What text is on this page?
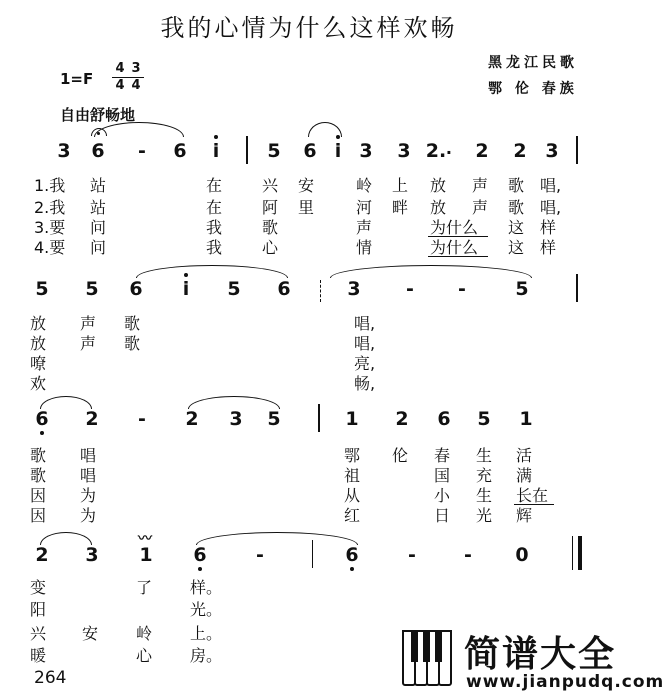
我的心情为什么这样欢畅
黑龙江民歌
鄂 伦 春族
1=F
4
4
3
4
自由舒畅地
3 6	-	6	i	5 6 i 3 3 2. . 2 2 3
1.我 站	在 兴 安	岭 上 放 声 歌 唱,
2.我 站	在 阿 里	河 畔 放 声 歌 唱,
3.要 问	我 歌	声	为什么 这 样
4.要 问	我 心	情	为什么 这 样
5 5 6	i	5 6	3	-	-	5
放 声 歌	唱,
放 声 歌	唱,
嘹	亮,
欢	畅,
6 2	-	2 3 5	1 2 6 5 1
歌 唱	鄂 伦 春 生 活
歌 唱	祖	国 充 满
因 为	从	小 生 长在
因 为	红	日 光 辉
2 3
〰
1 6	-	6	-	-	0
变	了 样。
阳	光。
兴 安 岭 上。
暖	心 房。
264
简谱大全
www.jianpudq.com
